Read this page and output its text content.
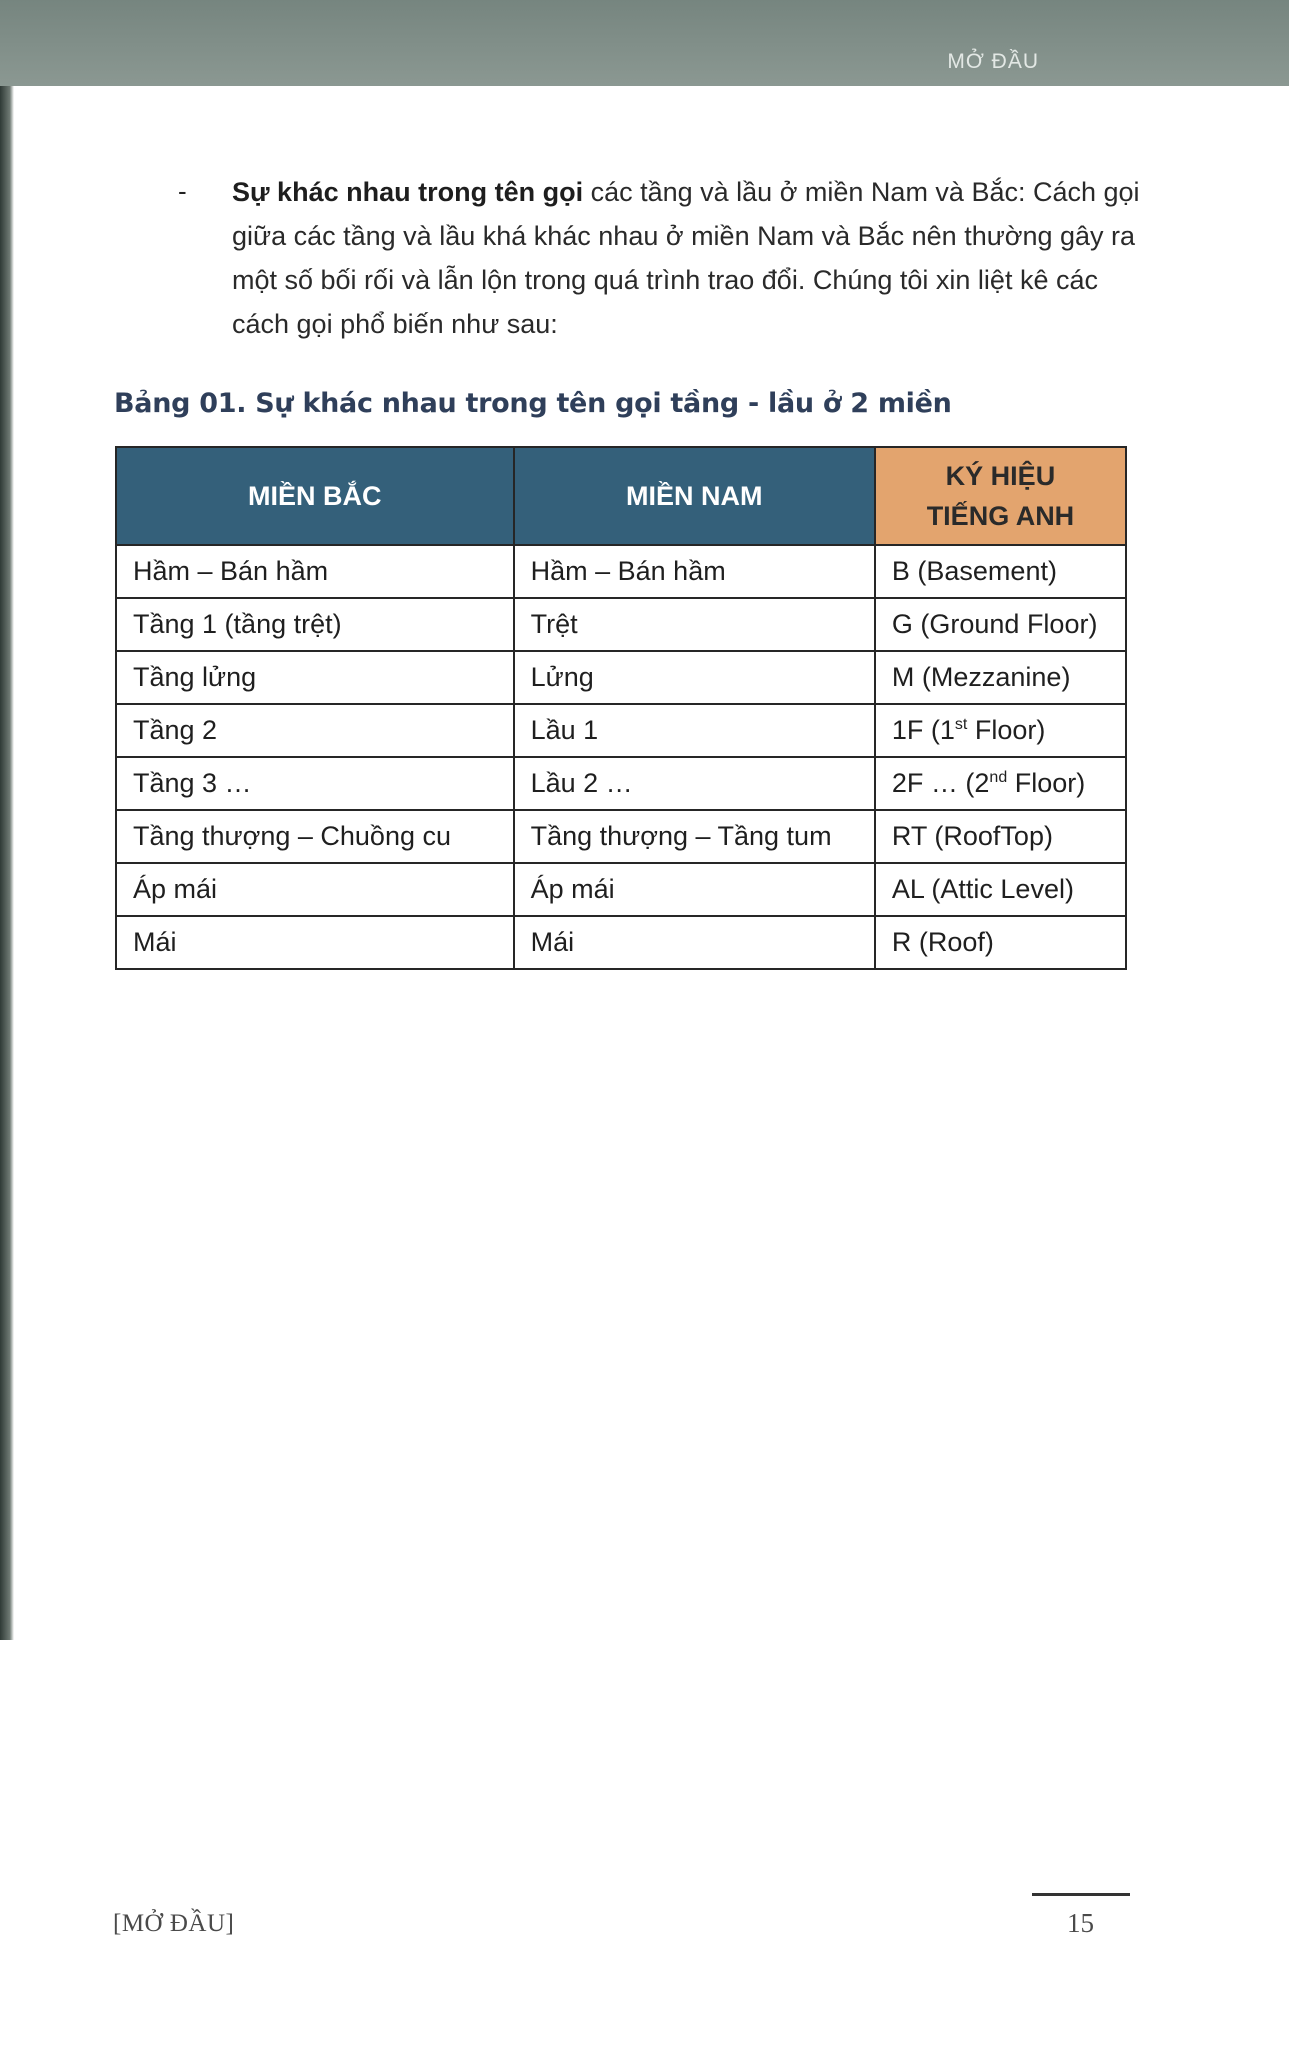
MỞ ĐẦU
- Sự khác nhau trong tên gọi các tầng và lầu ở miền Nam và Bắc: Cách gọi giữa các tầng và lầu khá khác nhau ở miền Nam và Bắc nên thường gây ra một số bối rối và lẫn lộn trong quá trình trao đổi. Chúng tôi xin liệt kê các cách gọi phổ biến như sau:
Bảng 01. Sự khác nhau trong tên gọi tầng - lầu ở 2 miền
MIỀN BẮC	MIỀN NAM	KÝ HIỆU
TIẾNG ANH
Hầm – Bán hầm	Hầm – Bán hầm	B (Basement)
Tầng 1 (tầng trệt)	Trệt	G (Ground Floor)
Tầng lửng	Lửng	M (Mezzanine)
Tầng 2	Lầu 1	1F (1st Floor)
Tầng 3 …	Lầu 2 …	2F … (2nd Floor)
Tầng thượng – Chuồng cu	Tầng thượng – Tầng tum	RT (RoofTop)
Áp mái	Áp mái	AL (Attic Level)
Mái	Mái	R (Roof)
[MỞ ĐẦU]	15
